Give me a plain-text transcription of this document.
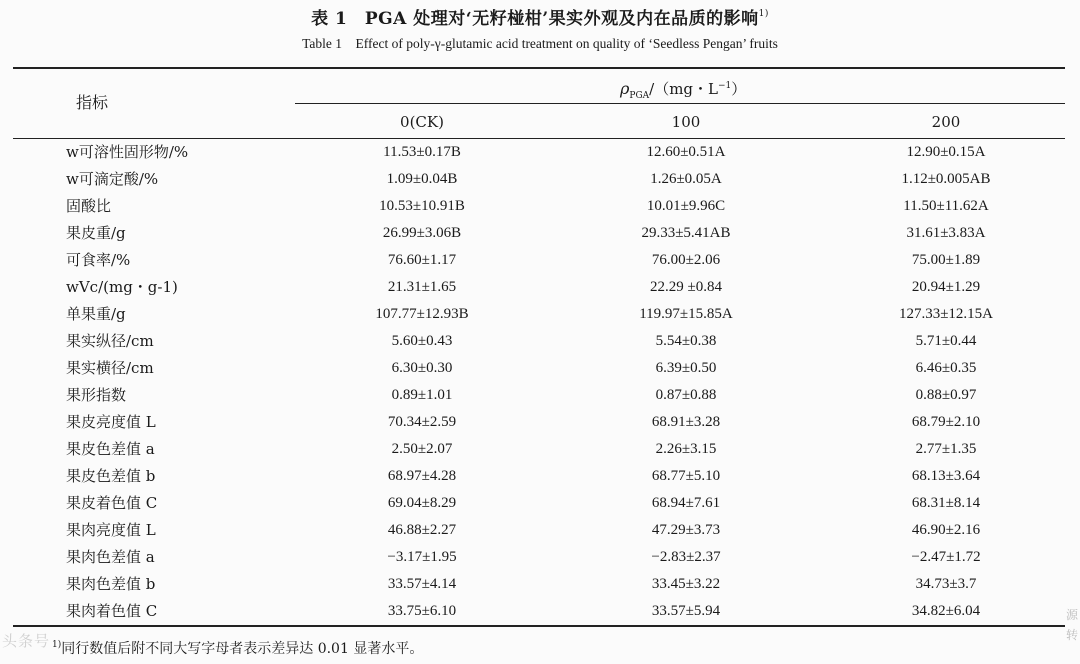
表 1　PGA 处理对‘无籽椪柑’果实外观及内在品质的影响$^{1)}$
Table 1　Effect of poly-γ-glutamic acid treatment on quality of ‘Seedless Pengan’ fruits
指标
$\rho_{PGA}/(mg$・$L^{-1}$）
0(CK)	100	200
w可溶性固形物/%	11.53±0.17B	12.60±0.51A	12.90±0.15A
w可滴定酸/%	1.09±0.04B	1.26±0.05A	1.12±0.005AB
固酸比	10.53±10.91B	10.01±9.96C	11.50±11.62A
果皮重/g	26.99±3.06B	29.33±5.41AB	31.61±3.83A
可食率/%	76.60±1.17	76.00±2.06	75.00±1.89
wVc/(mg・g-1)	21.31±1.65	22.29 ±0.84	20.94±1.29
单果重/g	107.77±12.93B	119.97±15.85A	127.33±12.15A
果实纵径/cm	5.60±0.43	5.54±0.38	5.71±0.44
果实横径/cm	6.30±0.30	6.39±0.50	6.46±0.35
果形指数	0.89±1.01	0.87±0.88	0.88±0.97
果皮亮度值 L	70.34±2.59	68.91±3.28	68.79±2.10
果皮色差值 a	2.50±2.07	2.26±3.15	2.77±1.35
果皮色差值 b	68.97±4.28	68.77±5.10	68.13±3.64
果皮着色值 C	69.04±8.29	68.94±7.61	68.31±8.14
果肉亮度值 L	46.88±2.27	47.29±3.73	46.90±2.16
果肉色差值 a	−3.17±1.95	−2.83±2.37	−2.47±1.72
果肉色差值 b	33.57±4.14	33.45±3.22	34.73±3.7
果肉着色值 C	33.75±6.10	33.57±5.94	34.82±6.04
$^{1)}$同行数值后附不同大写字母者表示差异达 0.01 显著水平。
头条号
源转
